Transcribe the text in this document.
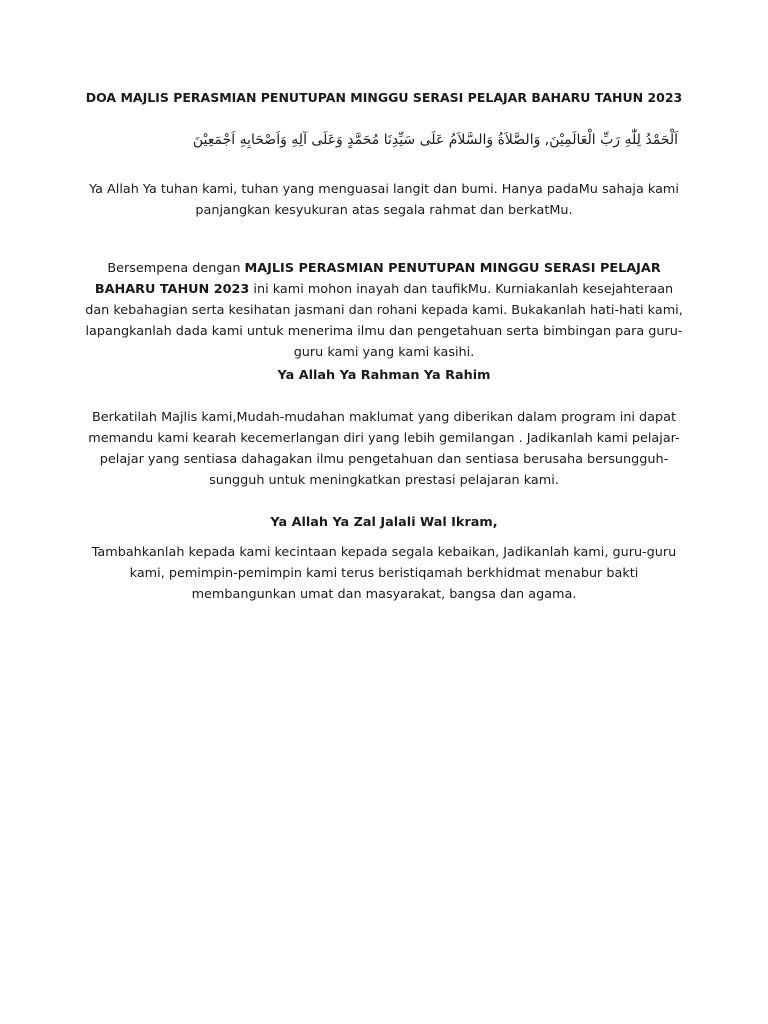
DOA MAJLIS PERASMIAN PENUTUPAN MINGGU SERASI PELAJAR BAHARU TAHUN 2023
اَلْحَمْدُ لِلّٰهِ رَبِّ الْعَالَمِيْنَ, وَالصَّلاَةُ وَالسَّلاَمُ عَلَى سَيِّدِنَا مُحَمَّدٍ وَعَلَى آلِهِ وَاَصْحَابِهِ اَجْمَعِيْنَ
Ya Allah Ya tuhan kami, tuhan yang menguasai langit dan bumi. Hanya padaMu sahaja kami panjangkan kesyukuran atas segala rahmat dan berkatMu.
Bersempena dengan MAJLIS PERASMIAN PENUTUPAN MINGGU SERASI PELAJAR BAHARU TAHUN 2023 ini kami mohon inayah dan taufikMu. Kurniakanlah kesejahteraan dan kebahagian serta kesihatan jasmani dan rohani kepada kami. Bukakanlah hati-hati kami, lapangkanlah dada kami untuk menerima ilmu dan pengetahuan serta bimbingan para guru-guru kami yang kami kasihi.
Ya Allah Ya Rahman Ya Rahim
Berkatilah Majlis kami,Mudah-mudahan maklumat yang diberikan dalam program ini dapat memandu kami kearah kecemerlangan diri yang lebih gemilangan . Jadikanlah kami pelajar-pelajar yang sentiasa dahagakan ilmu pengetahuan dan sentiasa berusaha bersungguh-sungguh untuk meningkatkan prestasi pelajaran kami.
Ya Allah Ya Zal Jalali Wal Ikram,
Tambahkanlah kepada kami kecintaan kepada segala kebaikan, Jadikanlah kami, guru-guru kami, pemimpin-pemimpin kami terus beristiqamah berkhidmat menabur bakti membangunkan umat dan masyarakat, bangsa dan agama.
